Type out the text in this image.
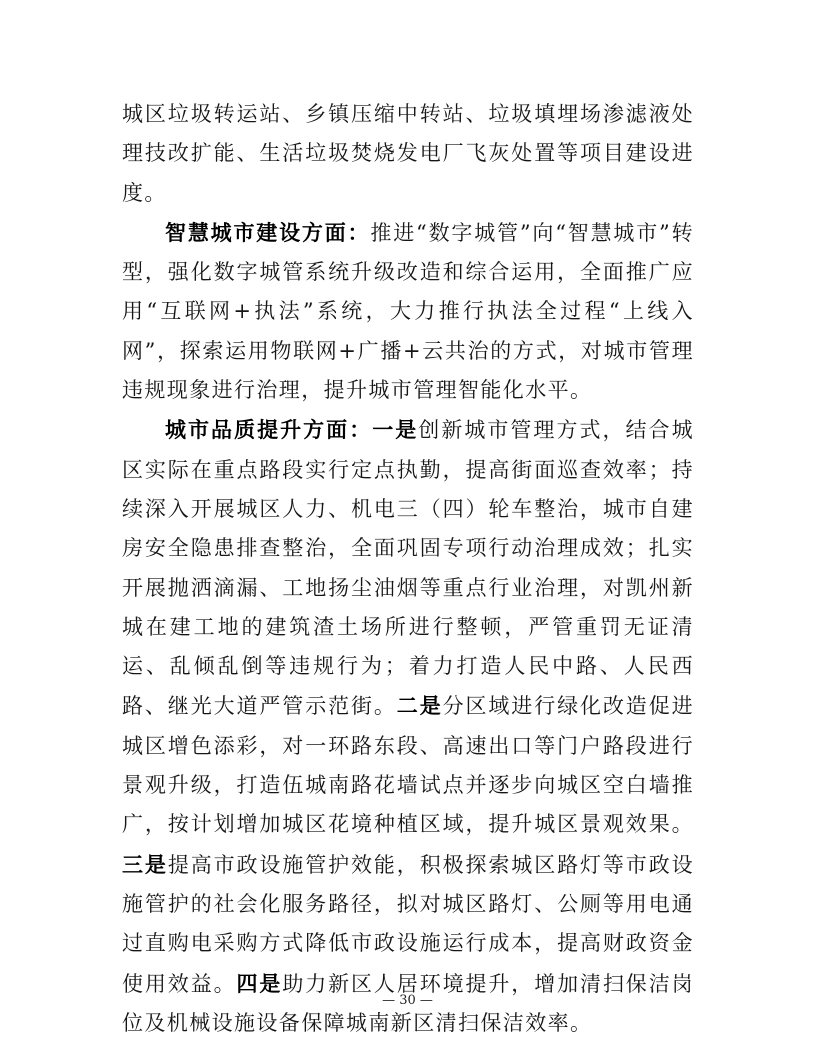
城区垃圾转运站、乡镇压缩中转站、垃圾填埋场渗滤液处理技改扩能、生活垃圾焚烧发电厂飞灰处置等项目建设进度。

智慧城市建设方面：推进“数字城管”向“智慧城市”转型，强化数字城管系统升级改造和综合运用，全面推广应用“互联网+执法”系统，大力推行执法全过程“上线入网”，探索运用物联网+广播+云共治的方式，对城市管理违规现象进行治理，提升城市管理智能化水平。

城市品质提升方面：一是创新城市管理方式，结合城区实际在重点路段实行定点执勤，提高街面巡查效率；持续深入开展城区人力、机电三（四）轮车整治，城市自建房安全隐患排查整治，全面巩固专项行动治理成效；扎实开展抛洒滴漏、工地扬尘油烟等重点行业治理，对凯州新城在建工地的建筑渣土场所进行整顿，严管重罚无证清运、乱倾乱倒等违规行为；着力打造人民中路、人民西路、继光大道严管示范街。二是分区域进行绿化改造促进城区增色添彩，对一环路东段、高速出口等门户路段进行景观升级，打造伍城南路花墙试点并逐步向城区空白墙推广，按计划增加城区花境种植区域，提升城区景观效果。三是提高市政设施管护效能，积极探索城区路灯等市政设施管护的社会化服务路径，拟对城区路灯、公厕等用电通过直购电采购方式降低市政设施运行成本，提高财政资金使用效益。四是助力新区人居环境提升，增加清扫保洁岗位及机械设施设备保障城南新区清扫保洁效率。

— 30 —
